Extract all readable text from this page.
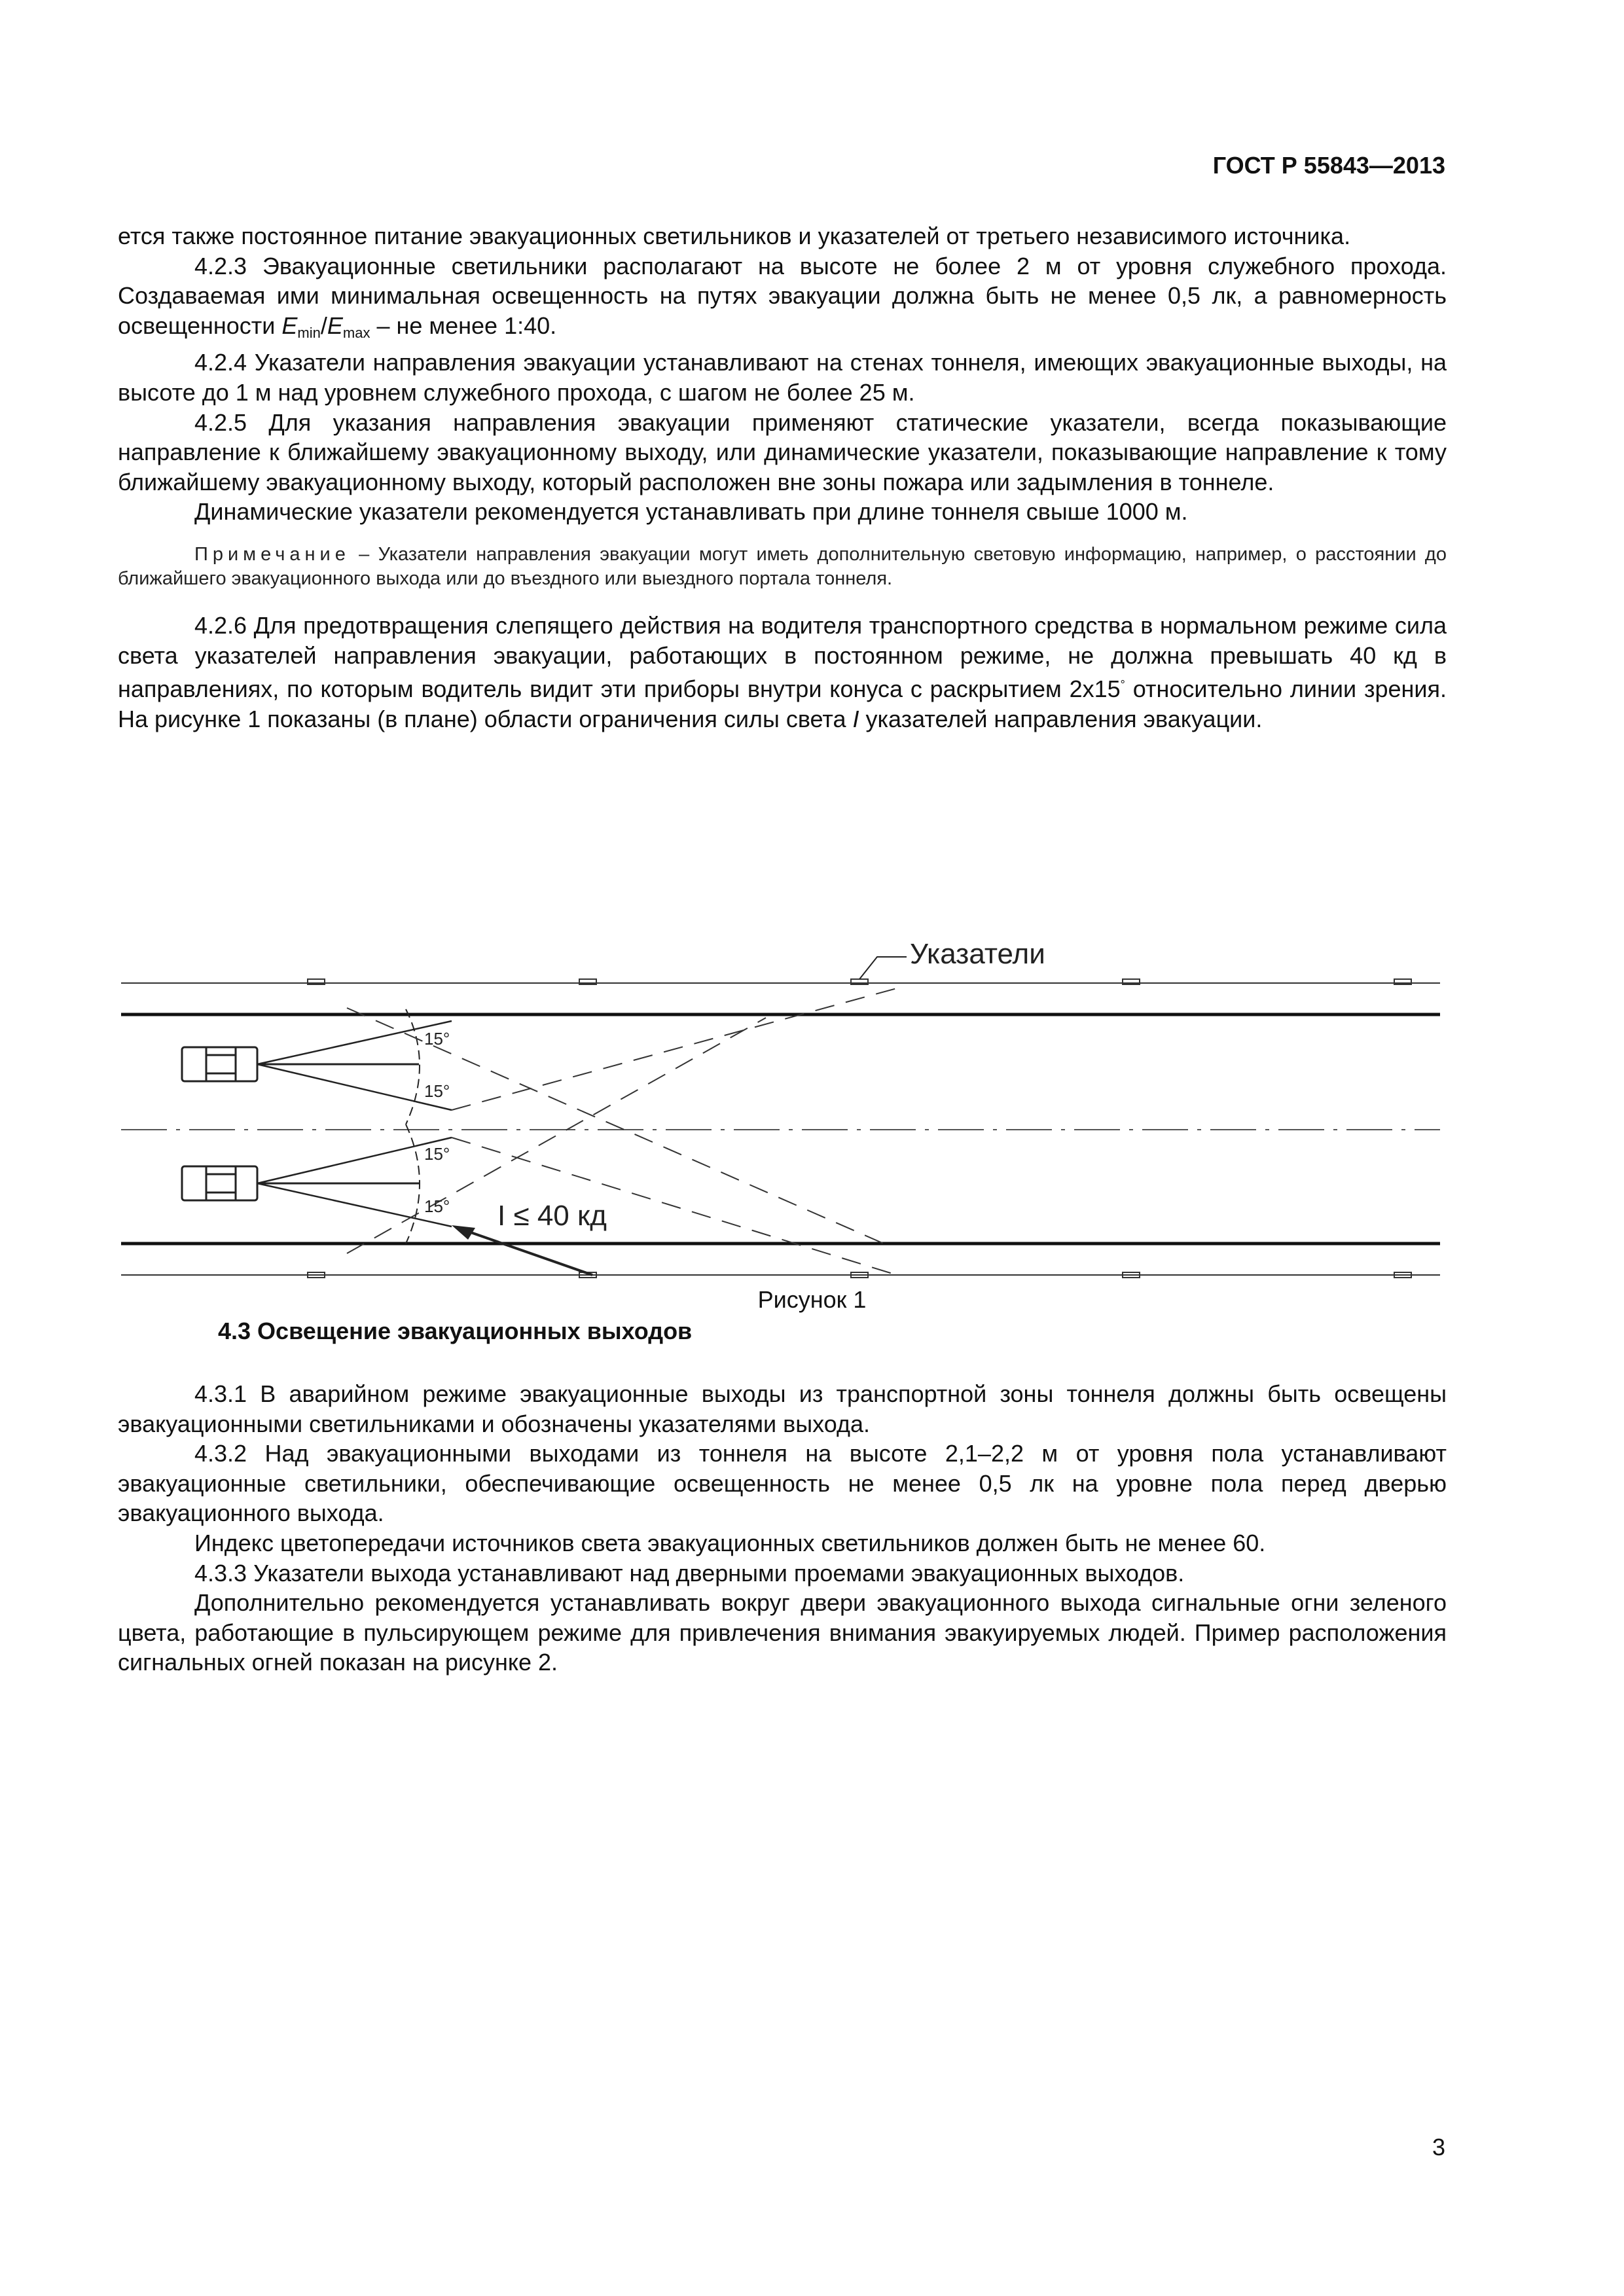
ГОСТ Р 55843—2013

ется также постоянное питание эвакуационных светильников и указателей от третьего независимого источника.

4.2.3 Эвакуационные светильники располагают на высоте не более 2 м от уровня служебного прохода. Создаваемая ими минимальная освещенность на путях эвакуации должна быть не менее 0,5 лк, а равномерность освещенности $E_{min}/E_{max}$ – не менее 1:40.

4.2.4 Указатели направления эвакуации устанавливают на стенах тоннеля, имеющих эвакуационные выходы, на высоте до 1 м над уровнем служебного прохода, с шагом не более 25 м.

4.2.5 Для указания направления эвакуации применяют статические указатели, всегда показывающие направление к ближайшему эвакуационному выходу, или динамические указатели, показывающие направление к тому ближайшему эвакуационному выходу, который расположен вне зоны пожара или задымления в тоннеле.

Динамические указатели рекомендуется устанавливать при длине тоннеля свыше 1000 м.

Примечание – Указатели направления эвакуации могут иметь дополнительную световую информацию, например, о расстоянии до ближайшего эвакуационного выхода или до въездного или выездного портала тоннеля.

4.2.6 Для предотвращения слепящего действия на водителя транспортного средства в нормальном режиме сила света указателей направления эвакуации, работающих в постоянном режиме, не должна превышать 40 кд в направлениях, по которым водитель видит эти приборы внутри конуса с раскрытием 2х15° относительно линии зрения. На рисунке 1 показаны (в плане) области ограничения силы света I указателей направления эвакуации.

15°
15°
15°
15°
Указатели
I ≤ 40 кд
Рисунок 1
4.3 Освещение эвакуационных выходов

4.3.1 В аварийном режиме эвакуационные выходы из транспортной зоны тоннеля должны быть освещены эвакуационными светильниками и обозначены указателями выхода.

4.3.2 Над эвакуационными выходами из тоннеля на высоте 2,1–2,2 м от уровня пола устанавливают эвакуационные светильники, обеспечивающие освещенность не менее 0,5 лк на уровне пола перед дверью эвакуационного выхода.

Индекс цветопередачи источников света эвакуационных светильников должен быть не менее 60.

4.3.3 Указатели выхода устанавливают над дверными проемами эвакуационных выходов.

Дополнительно рекомендуется устанавливать вокруг двери эвакуационного выхода сигнальные огни зеленого цвета, работающие в пульсирующем режиме для привлечения внимания эвакуируемых людей. Пример расположения сигнальных огней показан на рисунке 2.

3
